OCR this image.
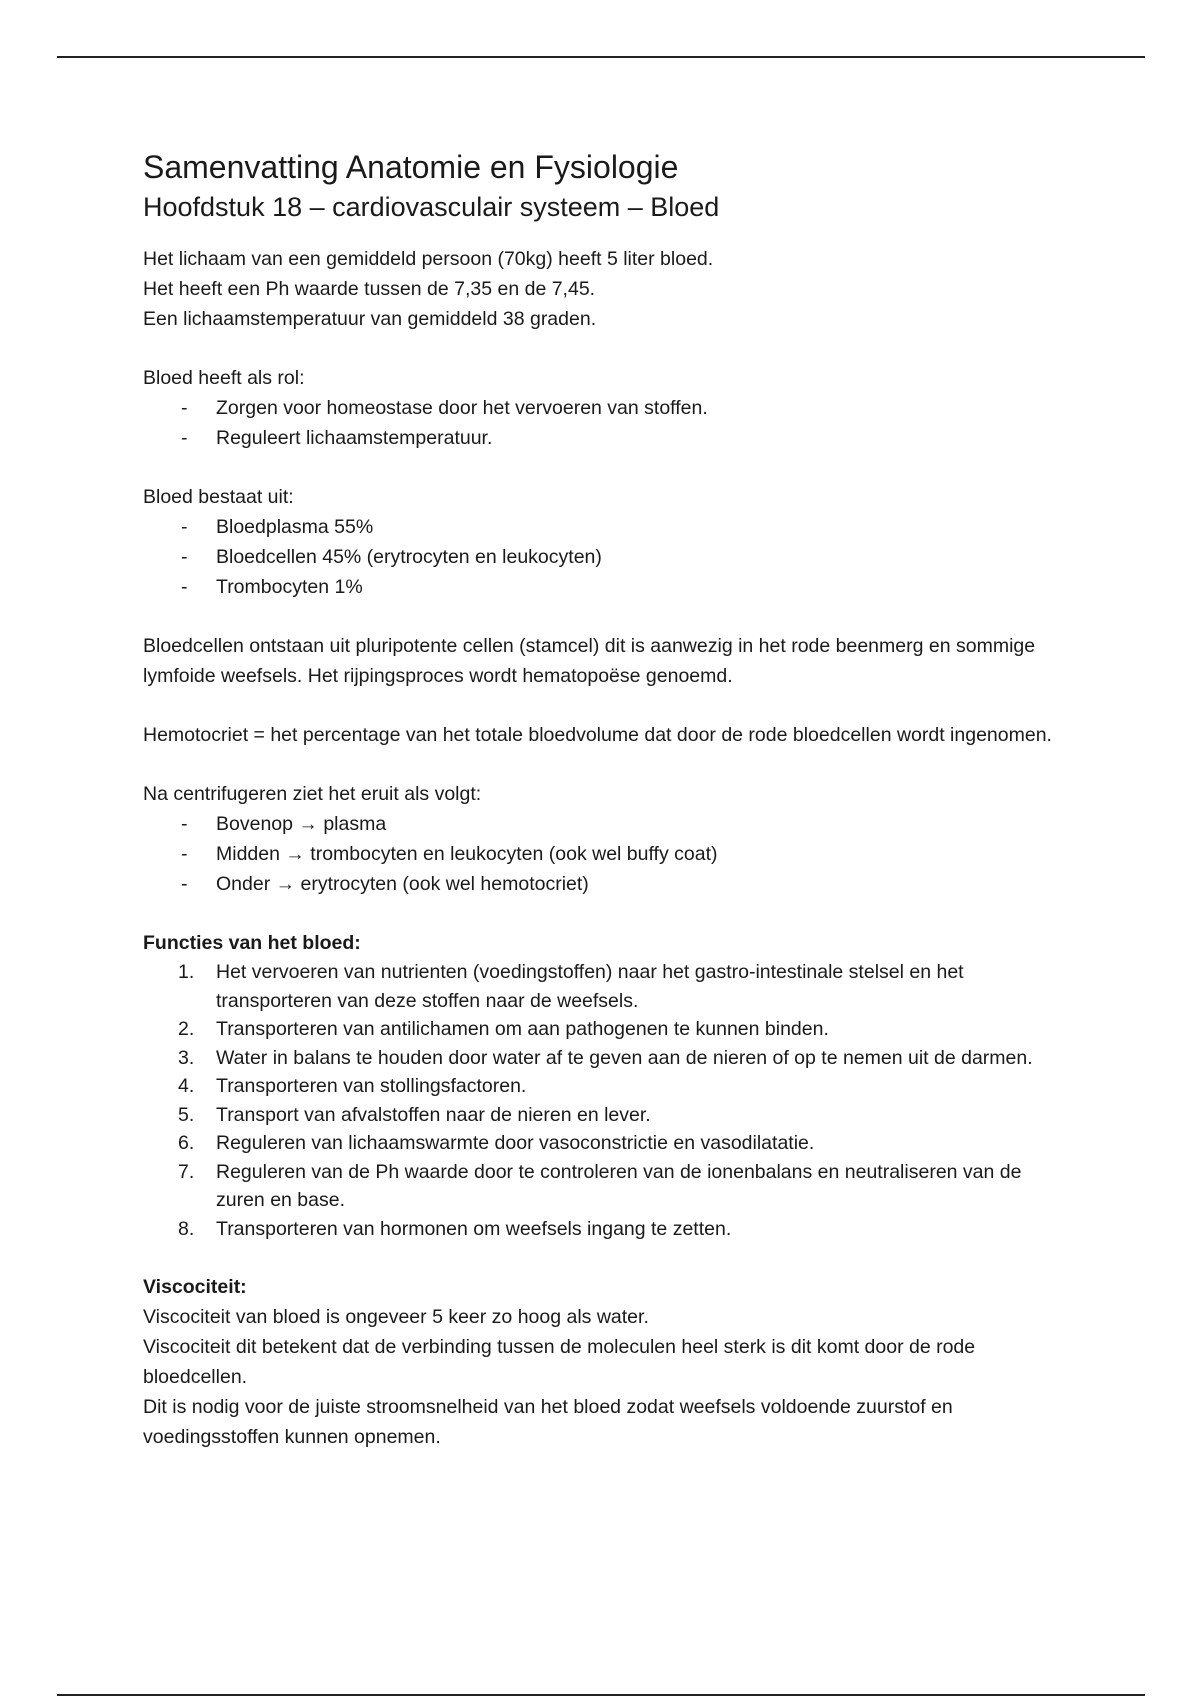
Samenvatting Anatomie en Fysiologie
Hoofdstuk 18 – cardiovasculair systeem – Bloed

Het lichaam van een gemiddeld persoon (70kg) heeft 5 liter bloed.

Het heeft een Ph waarde tussen de 7,35 en de 7,45.

Een lichaamstemperatuur van gemiddeld 38 graden.

Bloed heeft als rol:

- Zorgen voor homeostase door het vervoeren van stoffen.
- Reguleert lichaamstemperatuur.

Bloed bestaat uit:

- Bloedplasma 55%
- Bloedcellen 45% (erytrocyten en leukocyten)
- Trombocyten 1%

Bloedcellen ontstaan uit pluripotente cellen (stamcel) dit is aanwezig in het rode beenmerg en sommige lymfoide weefsels. Het rijpingsproces wordt hematopoëse genoemd.

Hemotocriet = het percentage van het totale bloedvolume dat door de rode bloedcellen wordt ingenomen.

Na centrifugeren ziet het eruit als volgt:

- Bovenop → plasma
- Midden → trombocyten en leukocyten (ook wel buffy coat)
- Onder → erytrocyten (ook wel hemotocriet)

Functies van het bloed:

1. Het vervoeren van nutrienten (voedingstoffen) naar het gastro-intestinale stelsel en het transporteren van deze stoffen naar de weefsels.
2. Transporteren van antilichamen om aan pathogenen te kunnen binden.
3. Water in balans te houden door water af te geven aan de nieren of op te nemen uit de darmen.
4. Transporteren van stollingsfactoren.
5. Transport van afvalstoffen naar de nieren en lever.
6. Reguleren van lichaamswarmte door vasoconstrictie en vasodilatatie.
7. Reguleren van de Ph waarde door te controleren van de ionenbalans en neutraliseren van de zuren en base.
8. Transporteren van hormonen om weefsels ingang te zetten.

Viscociteit:

Viscociteit van bloed is ongeveer 5 keer zo hoog als water.

Viscociteit dit betekent dat de verbinding tussen de moleculen heel sterk is dit komt door de rode bloedcellen.

Dit is nodig voor de juiste stroomsnelheid van het bloed zodat weefsels voldoende zuurstof en voedingsstoffen kunnen opnemen.
